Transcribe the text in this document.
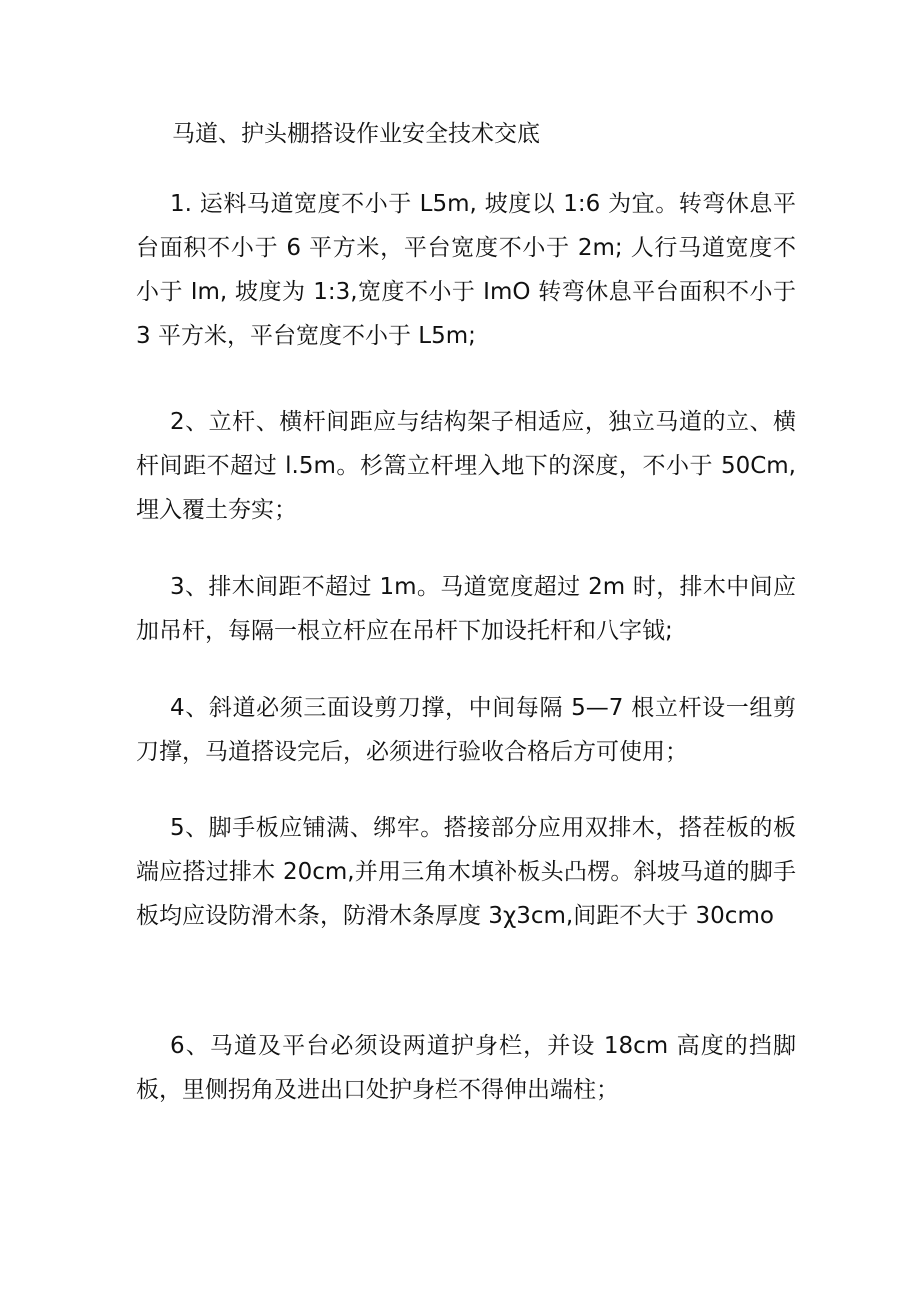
马道、护头棚搭设作业安全技术交底

1. 运料马道宽度不小于 L5m, 坡度以 1:6 为宜。转弯休息平台面积不小于 6 平方米，平台宽度不小于 2m; 人行马道宽度不小于 Im, 坡度为 1:3,宽度不小于 ImO 转弯休息平台面积不小于 3 平方米，平台宽度不小于 L5m;

2、立杆、横杆间距应与结构架子相适应，独立马道的立、横杆间距不超过 l.5m。杉篙立杆埋入地下的深度，不小于 50Cm,埋入覆土夯实；

3、排木间距不超过 1m。马道宽度超过 2m 时，排木中间应加吊杆，每隔一根立杆应在吊杆下加设托杆和八字钺;

4、斜道必须三面设剪刀撑，中间每隔 5—7 根立杆设一组剪刀撑，马道搭设完后，必须进行验收合格后方可使用；

5、脚手板应铺满、绑牢。搭接部分应用双排木，搭茬板的板端应搭过排木 20cm,并用三角木填补板头凸楞。斜坡马道的脚手板均应设防滑木条，防滑木条厚度 3χ3cm,间距不大于 30cmo

6、马道及平台必须设两道护身栏，并设 18cm 高度的挡脚板，里侧拐角及进出口处护身栏不得伸出端柱；
